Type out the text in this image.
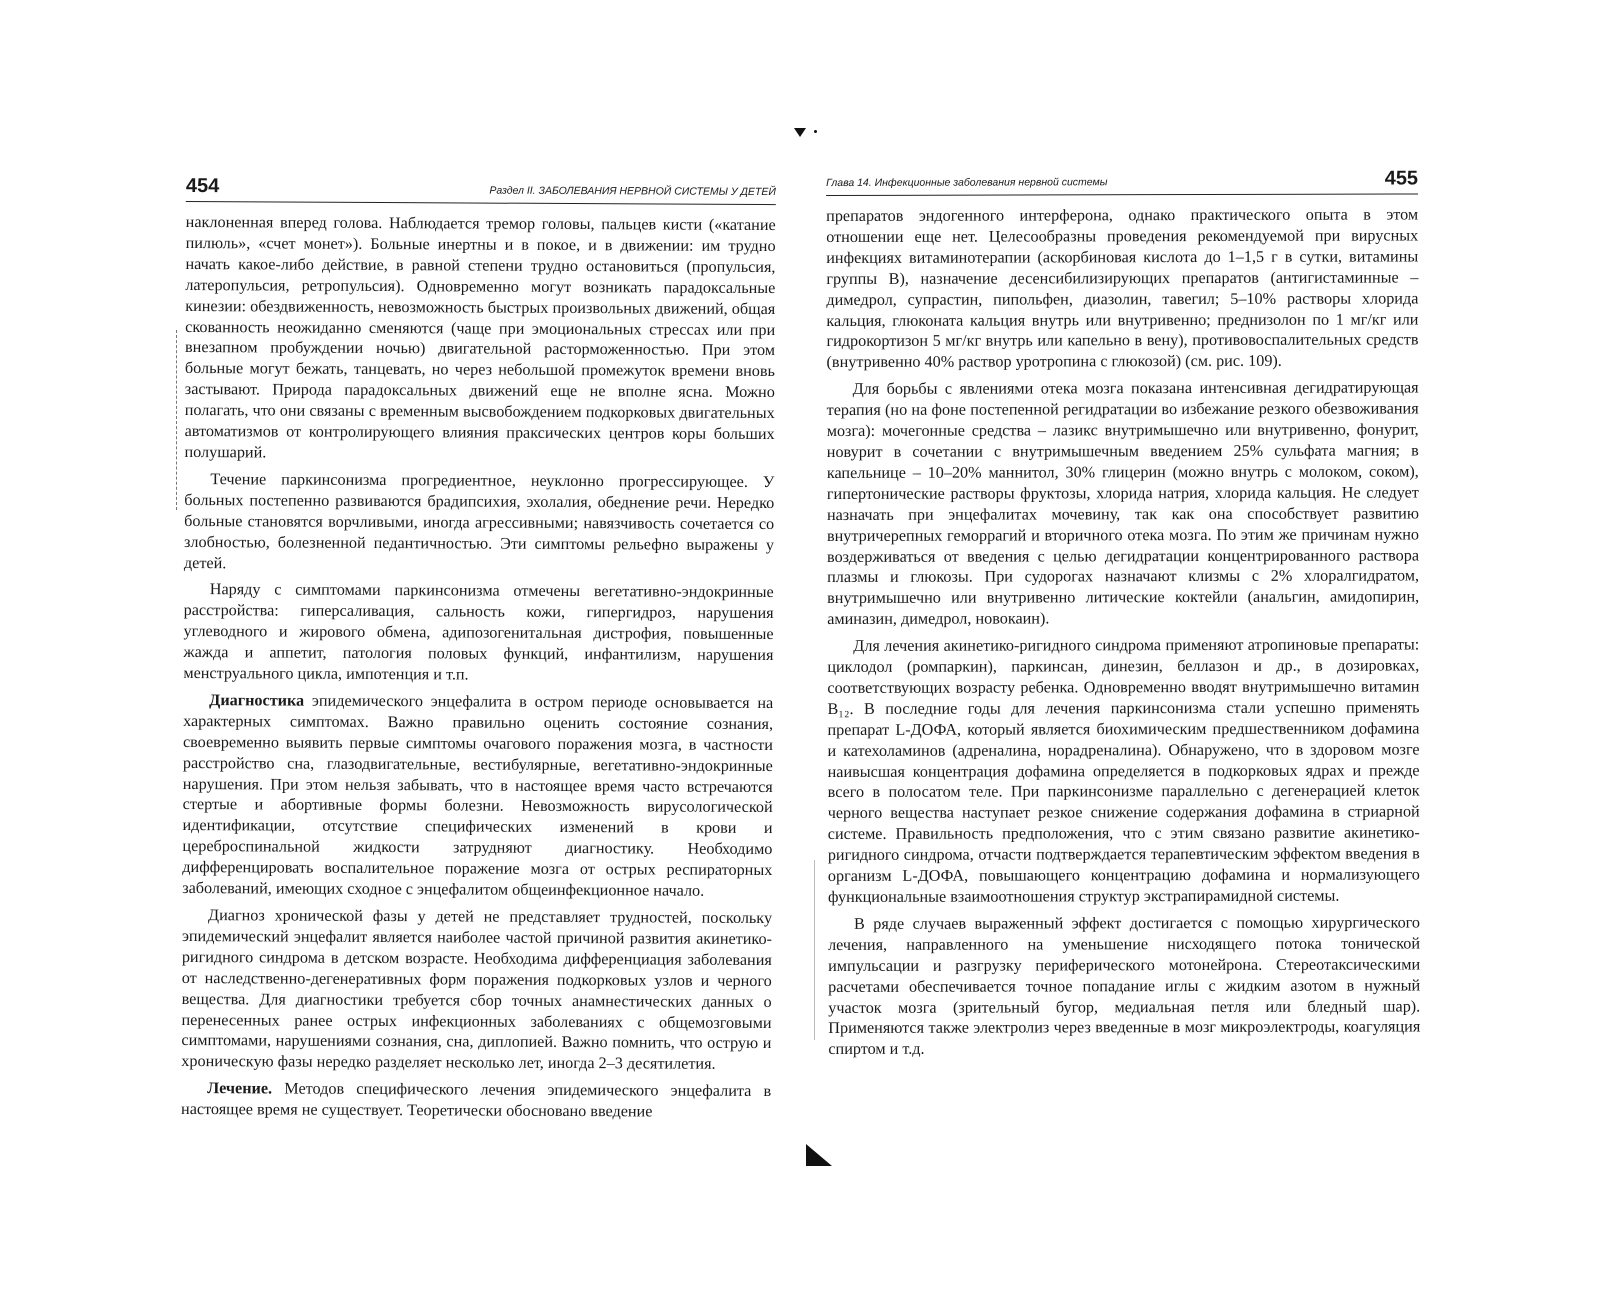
454	Раздел II. ЗАБОЛЕВАНИЯ НЕРВНОЙ СИСТЕМЫ У ДЕТЕЙ

наклоненная вперед голова. Наблюдается тремор головы, пальцев кисти («катание пилюль», «счет монет»). Больные инертны и в покое, и в движении: им трудно начать какое-либо действие, в равной степени трудно остановиться (пропульсия, латеропульсия, ретропульсия). Одновременно могут возникать парадоксальные кинезии: обездвиженность, невозможность быстрых произвольных движений, общая скованность неожиданно сменяются (чаще при эмоциональных стрессах или при внезапном пробуждении ночью) двигательной расторможенностью. При этом больные могут бежать, танцевать, но через небольшой промежуток времени вновь застывают. Природа парадоксальных движений еще не вполне ясна. Можно полагать, что они связаны с временным высвобождением подкорковых двигательных автоматизмов от контролирующего влияния праксических центров коры больших полушарий.

Течение паркинсонизма прогредиентное, неуклонно прогрессирующее. У больных постепенно развиваются брадипсихия, эхолалия, обеднение речи. Нередко больные становятся ворчливыми, иногда агрессивными; навязчивость сочетается со злобностью, болезненной педантичностью. Эти симптомы рельефно выражены у детей.

Наряду с симптомами паркинсонизма отмечены вегетативно-эндокринные расстройства: гиперсаливация, сальность кожи, гипергидроз, нарушения углеводного и жирового обмена, адипозогенитальная дистрофия, повышенные жажда и аппетит, патология половых функций, инфантилизм, нарушения менструального цикла, импотенция и т.п.

Диагностика эпидемического энцефалита в остром периоде основывается на характерных симптомах. Важно правильно оценить состояние сознания, своевременно выявить первые симптомы очагового поражения мозга, в частности расстройство сна, глазодвигательные, вестибулярные, вегетативно-эндокринные нарушения. При этом нельзя забывать, что в настоящее время часто встречаются стертые и абортивные формы болезни. Невозможность вирусологической идентификации, отсутствие специфических изменений в крови и цереброспинальной жидкости затрудняют диагностику. Необходимо дифференцировать воспалительное поражение мозга от острых респираторных заболеваний, имеющих сходное с энцефалитом общеинфекционное начало.

Диагноз хронической фазы у детей не представляет трудностей, поскольку эпидемический энцефалит является наиболее частой причиной развития акинетико-ригидного синдрома в детском возрасте. Необходима дифференциация заболевания от наследственно-дегенеративных форм поражения подкорковых узлов и черного вещества. Для диагностики требуется сбор точных анамнестических данных о перенесенных ранее острых инфекционных заболеваниях с общемозговыми симптомами, нарушениями сознания, сна, диплопией. Важно помнить, что острую и хроническую фазы нередко разделяет несколько лет, иногда 2–3 десятилетия.

Лечение. Методов специфического лечения эпидемического энцефалита в настоящее время не существует. Теоретически обосновано введение

Глава 14. Инфекционные заболевания нервной системы	455

препаратов эндогенного интерферона, однако практического опыта в этом отношении еще нет. Целесообразны проведения рекомендуемой при вирусных инфекциях витаминотерапии (аскорбиновая кислота до 1–1,5 г в сутки, витамины группы В), назначение десенсибилизирующих препаратов (антигистаминные – димедрол, супрастин, пипольфен, диазолин, тавегил; 5–10% растворы хлорида кальция, глюконата кальция внутрь или внутривенно; преднизолон по 1 мг/кг или гидрокортизон 5 мг/кг внутрь или капельно в вену), противовоспалительных средств (внутривенно 40% раствор уротропина с глюкозой) (см. рис. 109).

Для борьбы с явлениями отека мозга показана интенсивная дегидратирующая терапия (но на фоне постепенной регидратации во избежание резкого обезвоживания мозга): мочегонные средства – лазикс внутримышечно или внутривенно, фонурит, новурит в сочетании с внутримышечным введением 25% сульфата магния; в капельнице – 10–20% маннитол, 30% глицерин (можно внутрь с молоком, соком), гипертонические растворы фруктозы, хлорида натрия, хлорида кальция. Не следует назначать при энцефалитах мочевину, так как она способствует развитию внутричерепных геморрагий и вторичного отека мозга. По этим же причинам нужно воздерживаться от введения с целью дегидратации концентрированного раствора плазмы и глюкозы. При судорогах назначают клизмы с 2% хлоралгидратом, внутримышечно или внутривенно литические коктейли (анальгин, амидопирин, аминазин, димедрол, новокаин).

Для лечения акинетико-ригидного синдрома применяют атропиновые препараты: циклодол (ромпаркин), паркинсан, динезин, беллазон и др., в дозировках, соответствующих возрасту ребенка. Одновременно вводят внутримышечно витамин B₁₂. В последние годы для лечения паркинсонизма стали успешно применять препарат L-ДОФА, который является биохимическим предшественником дофамина и катехоламинов (адреналина, норадреналина). Обнаружено, что в здоровом мозге наивысшая концентрация дофамина определяется в подкорковых ядрах и прежде всего в полосатом теле. При паркинсонизме параллельно с дегенерацией клеток черного вещества наступает резкое снижение содержания дофамина в стриарной системе. Правильность предположения, что с этим связано развитие акинетико-ригидного синдрома, отчасти подтверждается терапевтическим эффектом введения в организм L-ДОФА, повышающего концентрацию дофамина и нормализующего функциональные взаимоотношения структур экстрапирамидной системы.

В ряде случаев выраженный эффект достигается с помощью хирургического лечения, направленного на уменьшение нисходящего потока тонической импульсации и разгрузку периферического мотонейрона. Стереотаксическими расчетами обеспечивается точное попадание иглы с жидким азотом в нужный участок мозга (зрительный бугор, медиальная петля или бледный шар). Применяются также электролиз через введенные в мозг микроэлектроды, коагуляция спиртом и т.д.
